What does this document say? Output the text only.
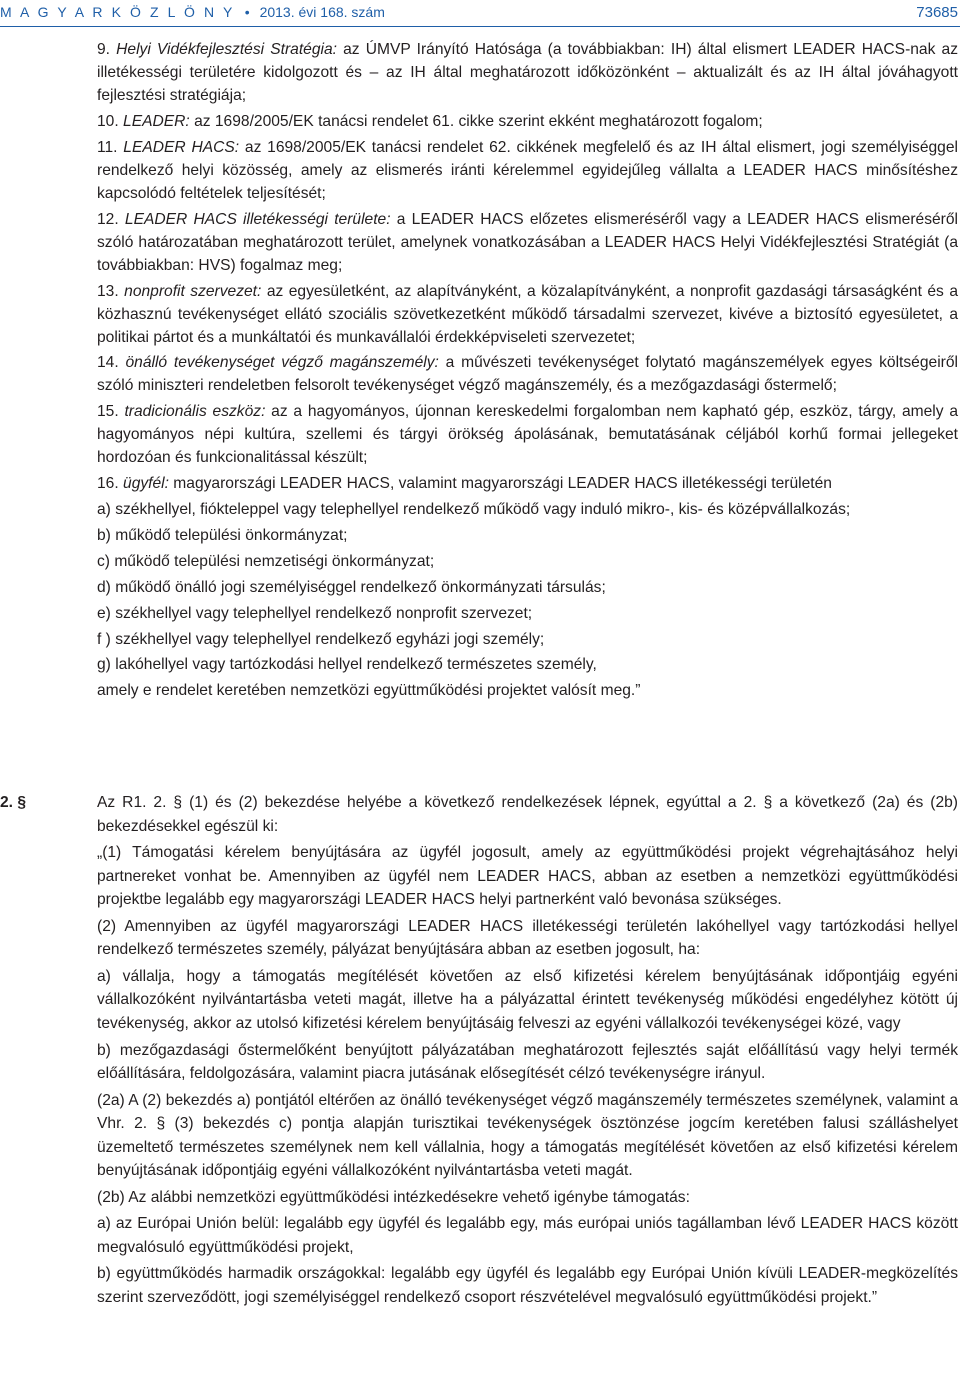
M A G Y A R K Ö Z L Ö N Y • 2013. évi 168. szám	73685

9. Helyi Vidékfejlesztési Stratégia: az ÚMVP Irányító Hatósága (a továbbiakban: IH) által elismert LEADER HACS-nak az illetékességi területére kidolgozott és – az IH által meghatározott időközönként – aktualizált és az IH által jóváhagyott fejlesztési stratégiája;

10. LEADER: az 1698/2005/EK tanácsi rendelet 61. cikke szerint ekként meghatározott fogalom;

11. LEADER HACS: az 1698/2005/EK tanácsi rendelet 62. cikkének megfelelő és az IH által elismert, jogi személyiséggel rendelkező helyi közösség, amely az elismerés iránti kérelemmel egyidejűleg vállalta a LEADER HACS minősítéshez kapcsolódó feltételek teljesítését;

12. LEADER HACS illetékességi területe: a LEADER HACS előzetes elismeréséről vagy a LEADER HACS elismeréséről szóló határozatában meghatározott terület, amelynek vonatkozásában a LEADER HACS Helyi Vidékfejlesztési Stratégiát (a továbbiakban: HVS) fogalmaz meg;

13. nonprofit szervezet: az egyesületként, az alapítványként, a közalapítványként, a nonprofit gazdasági társaságként és a közhasznú tevékenységet ellátó szociális szövetkezetként működő társadalmi szervezet, kivéve a biztosító egyesületet, a politikai pártot és a munkáltatói és munkavállalói érdekképviseleti szervezetet;

14. önálló tevékenységet végző magánszemély: a művészeti tevékenységet folytató magánszemélyek egyes költségeiről szóló miniszteri rendeletben felsorolt tevékenységet végző magánszemély, és a mezőgazdasági őstermelő;

15. tradicionális eszköz: az a hagyományos, újonnan kereskedelmi forgalomban nem kapható gép, eszköz, tárgy, amely a hagyományos népi kultúra, szellemi és tárgyi örökség ápolásának, bemutatásának céljából korhű formai jellegeket hordozóan és funkcionalitással készült;

16. ügyfél: magyarországi LEADER HACS, valamint magyarországi LEADER HACS illetékességi területén

a) székhellyel, fiókteleppel vagy telephellyel rendelkező működő vagy induló mikro-, kis- és középvállalkozás;

b) működő települési önkormányzat;

c) működő települési nemzetiségi önkormányzat;

d) működő önálló jogi személyiséggel rendelkező önkormányzati társulás;

e) székhellyel vagy telephellyel rendelkező nonprofit szervezet;

f ) székhellyel vagy telephellyel rendelkező egyházi jogi személy;

g) lakóhellyel vagy tartózkodási hellyel rendelkező természetes személy,

amely e rendelet keretében nemzetközi együttműködési projektet valósít meg.”

2. §	Az R1. 2. § (1) és (2) bekezdése helyébe a következő rendelkezések lépnek, egyúttal a 2. § a következő (2a) és (2b) bekezdésekkel egészül ki:

„(1) Támogatási kérelem benyújtására az ügyfél jogosult, amely az együttműködési projekt végrehajtásához helyi partnereket vonhat be. Amennyiben az ügyfél nem LEADER HACS, abban az esetben a nemzetközi együttműködési projektbe legalább egy magyarországi LEADER HACS helyi partnerként való bevonása szükséges.

(2) Amennyiben az ügyfél magyarországi LEADER HACS illetékességi területén lakóhellyel vagy tartózkodási hellyel rendelkező természetes személy, pályázat benyújtására abban az esetben jogosult, ha:

a) vállalja, hogy a támogatás megítélését követően az első kifizetési kérelem benyújtásának időpontjáig egyéni vállalkozóként nyilvántartásba veteti magát, illetve ha a pályázattal érintett tevékenység működési engedélyhez kötött új tevékenység, akkor az utolsó kifizetési kérelem benyújtásáig felveszi az egyéni vállalkozói tevékenységei közé, vagy

b) mezőgazdasági őstermelőként benyújtott pályázatában meghatározott fejlesztés saját előállítású vagy helyi termék előállítására, feldolgozására, valamint piacra jutásának elősegítését célzó tevékenységre irányul.

(2a) A (2) bekezdés a) pontjától eltérően az önálló tevékenységet végző magánszemély természetes személynek, valamint a Vhr. 2. § (3) bekezdés c) pontja alapján turisztikai tevékenységek ösztönzése jogcím keretében falusi szálláshelyet üzemeltető természetes személynek nem kell vállalnia, hogy a támogatás megítélését követően az első kifizetési kérelem benyújtásának időpontjáig egyéni vállalkozóként nyilvántartásba veteti magát.

(2b) Az alábbi nemzetközi együttműködési intézkedésekre vehető igénybe támogatás:

a) az Európai Unión belül: legalább egy ügyfél és legalább egy, más európai uniós tagállamban lévő LEADER HACS között megvalósuló együttműködési projekt,

b) együttműködés harmadik országokkal: legalább egy ügyfél és legalább egy Európai Unión kívüli LEADER-megközelítés szerint szerveződött, jogi személyiséggel rendelkező csoport részvételével megvalósuló együttműködési projekt.”
